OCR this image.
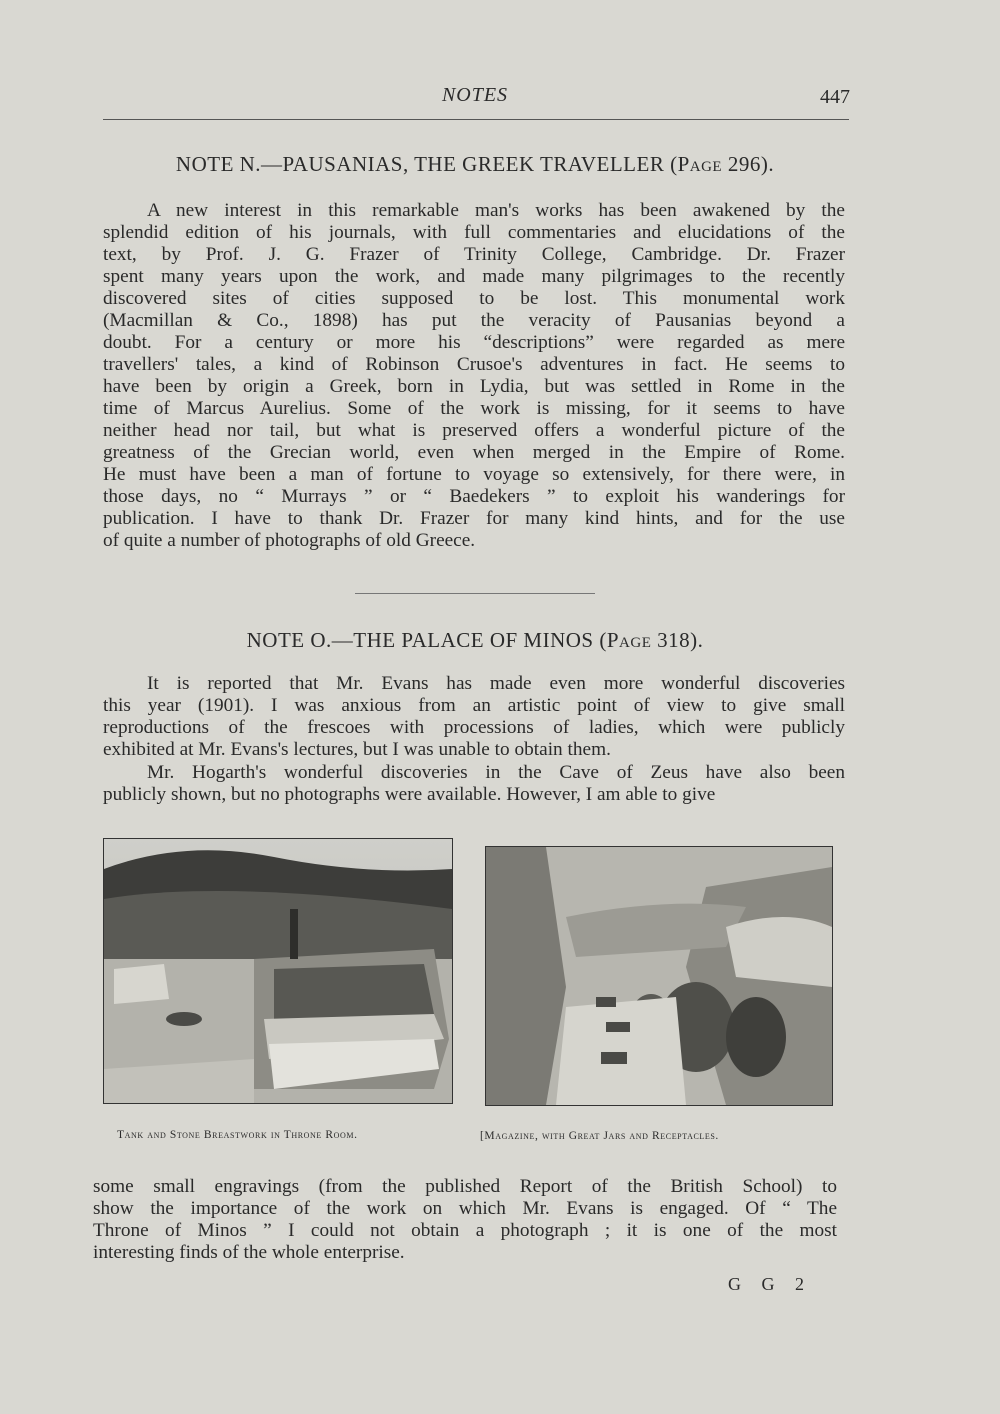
NOTES	447
NOTE N.—PAUSANIAS, THE GREEK TRAVELLER (Page 296).
A new interest in this remarkable man's works has been awakened by the
splendid edition of his journals, with full commentaries and elucidations of the
text, by Prof. J. G. Frazer of Trinity College, Cambridge. Dr. Frazer
spent many years upon the work, and made many pilgrimages to the recently
discovered sites of cities supposed to be lost. This monumental work
(Macmillan & Co., 1898) has put the veracity of Pausanias beyond a
doubt. For a century or more his “descriptions” were regarded as mere
travellers' tales, a kind of Robinson Crusoe's adventures in fact. He seems to
have been by origin a Greek, born in Lydia, but was settled in Rome in the
time of Marcus Aurelius. Some of the work is missing, for it seems to have
neither head nor tail, but what is preserved offers a wonderful picture of the
greatness of the Grecian world, even when merged in the Empire of Rome.
He must have been a man of fortune to voyage so extensively, for there were, in
those days, no “ Murrays ” or “ Baedekers ” to exploit his wanderings for
publication. I have to thank Dr. Frazer for many kind hints, and for the use
of quite a number of photographs of old Greece.
NOTE O.—THE PALACE OF MINOS (Page 318).
It is reported that Mr. Evans has made even more wonderful discoveries
this year (1901). I was anxious from an artistic point of view to give small
reproductions of the frescoes with processions of ladies, which were publicly
exhibited at Mr. Evans's lectures, but I was unable to obtain them.
Mr. Hogarth's wonderful discoveries in the Cave of Zeus have also been
publicly shown, but no photographs were available. However, I am able to give
Tank and Stone Breastwork in Throne Room.	[Magazine, with Great Jars and Receptacles.
some small engravings (from the published Report of the British School) to
show the importance of the work on which Mr. Evans is engaged. Of “ The
Throne of Minos ” I could not obtain a photograph ; it is one of the most
interesting finds of the whole enterprise.
G G 2
